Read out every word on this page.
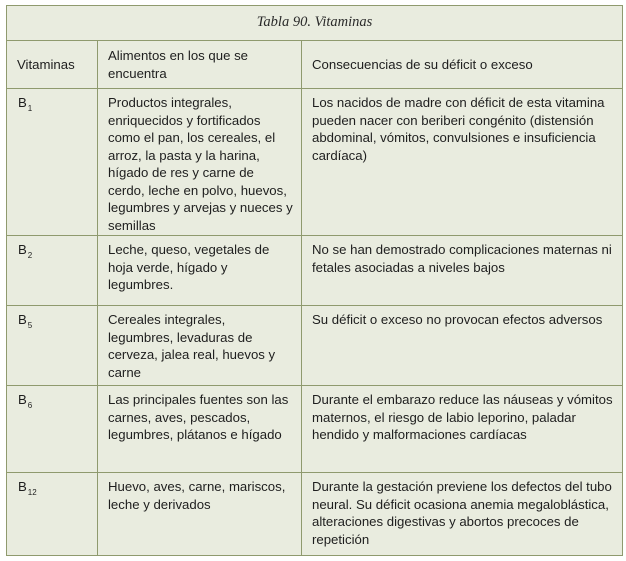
Tabla 90. Vitaminas		

Vitaminas	Alimentos en los que se encuentra	Consecuencias de su déficit o exceso

$B_1$	Productos integrales, enriquecidos y fortificados como el pan, los cereales, el arroz, la pasta y la harina, hígado de res y carne de cerdo, leche en polvo, huevos, legumbres y arvejas y nueces y semillas	Los nacidos de madre con déficit de esta vitamina pueden nacer con beriberi congénito (distensión abdominal, vómitos, convulsiones e insuficiencia cardíaca)

$B_2$	Leche, queso, vegetales de hoja verde, hígado y legumbres.	No se han demostrado complicaciones maternas ni fetales asociadas a niveles bajos

$B_5$	Cereales integrales, legumbres, levaduras de cerveza, jalea real, huevos y carne	Su déficit o exceso no provocan efectos adversos

$B_6$	Las principales fuentes son las carnes, aves, pescados, legumbres, plátanos e hígado	Durante el embarazo reduce las náuseas y vómitos maternos, el riesgo de labio leporino, paladar hendido y malformaciones cardíacas

$B_{12}$	Huevo, aves, carne, mariscos, leche y derivados	Durante la gestación previene los defectos del tubo neural. Su déficit ocasiona anemia megaloblástica, alteraciones digestivas y abortos precoces de repetición
